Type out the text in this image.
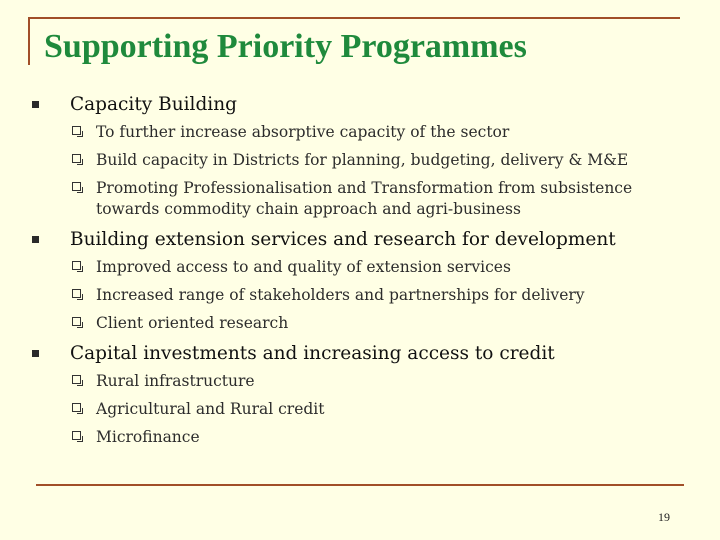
Supporting Priority Programmes
Capacity Building
To further increase absorptive capacity of the sector
Build capacity in Districts for planning, budgeting, delivery & M&E
Promoting Professionalisation and Transformation from subsistence towards commodity chain approach and agri-business
Building extension services and research for development
Improved access to and quality of extension services
Increased range of stakeholders and partnerships for delivery
Client oriented research
Capital investments and increasing access to credit
Rural infrastructure
Agricultural and Rural credit
Microfinance
19
